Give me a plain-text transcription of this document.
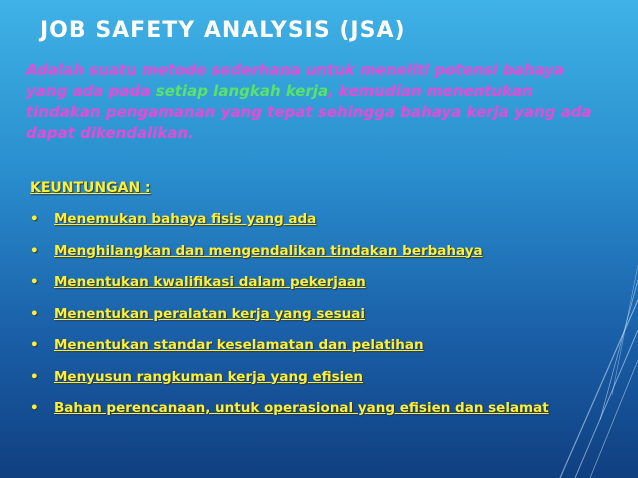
JOB SAFETY ANALYSIS (JSA)

Adalah suatu metode sederhana untuk meneliti potensi bahaya yang ada pada setiap langkah kerja, kemudian menentukan tindakan pengamanan yang tepat sehingga bahaya kerja yang ada dapat dikendalikan.

KEUNTUNGAN :
• Menemukan bahaya fisis yang ada
• Menghilangkan dan mengendalikan tindakan berbahaya
• Menentukan kwalifikasi dalam pekerjaan
• Menentukan peralatan kerja yang sesuai
• Menentukan standar keselamatan dan pelatihan
• Menyusun rangkuman kerja yang efisien
• Bahan perencanaan, untuk operasional yang efisien dan selamat
